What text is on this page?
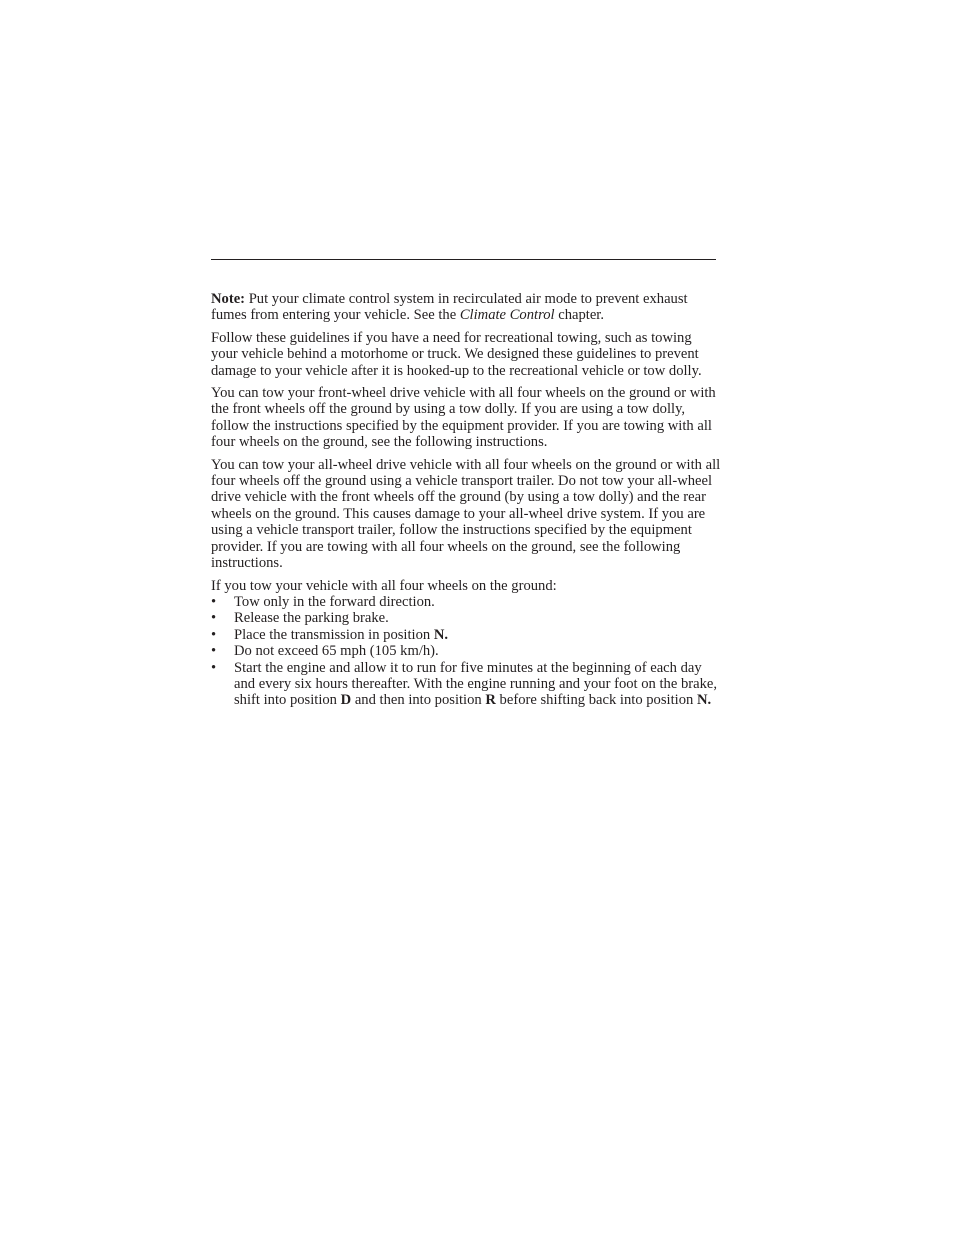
Note: Put your climate control system in recirculated air mode to prevent exhaust fumes from entering your vehicle. See the Climate Control chapter.

Follow these guidelines if you have a need for recreational towing, such as towing your vehicle behind a motorhome or truck. We designed these guidelines to prevent damage to your vehicle after it is hooked-up to the recreational vehicle or tow dolly.

You can tow your front-wheel drive vehicle with all four wheels on the ground or with the front wheels off the ground by using a tow dolly. If you are using a tow dolly, follow the instructions specified by the equipment provider. If you are towing with all four wheels on the ground, see the following instructions.

You can tow your all-wheel drive vehicle with all four wheels on the ground or with all four wheels off the ground using a vehicle transport trailer. Do not tow your all-wheel drive vehicle with the front wheels off the ground (by using a tow dolly) and the rear wheels on the ground. This causes damage to your all-wheel drive system. If you are using a vehicle transport trailer, follow the instructions specified by the equipment provider. If you are towing with all four wheels on the ground, see the following instructions.

If you tow your vehicle with all four wheels on the ground:

•	Tow only in the forward direction.
•	Release the parking brake.
•	Place the transmission in position N.
•	Do not exceed 65 mph (105 km/h).
•	Start the engine and allow it to run for five minutes at the beginning of each day and every six hours thereafter. With the engine running and your foot on the brake, shift into position D and then into position R before shifting back into position N.
